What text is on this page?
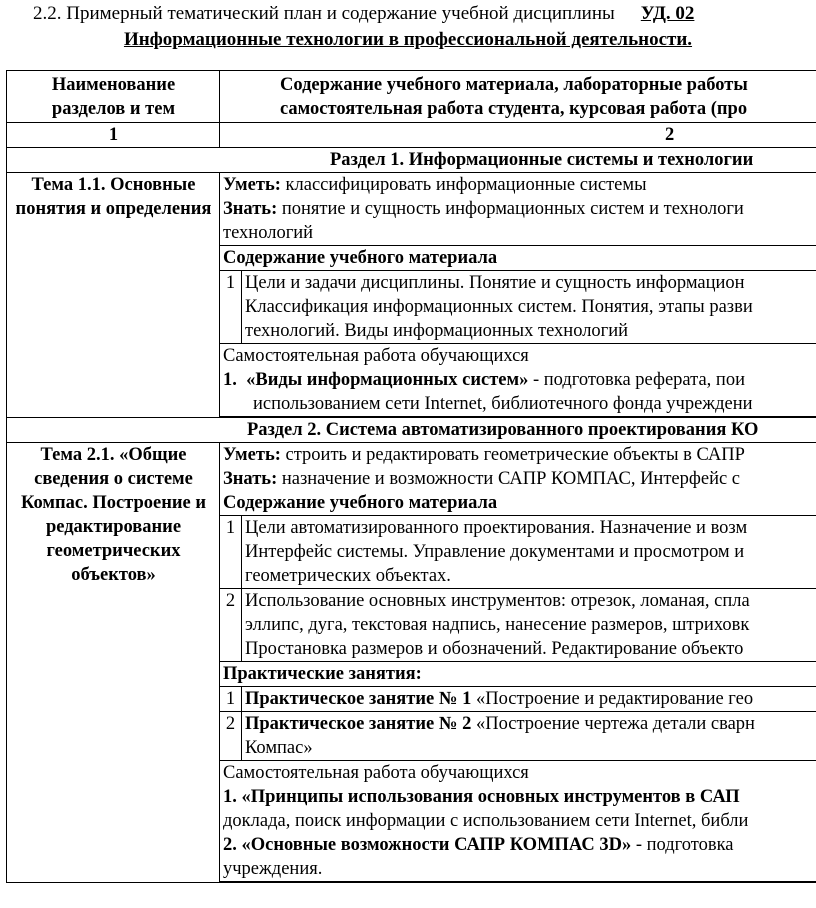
2.2. Примерный тематический план и содержание учебной дисциплины УД. 02
Информационные технологии в профессиональной деятельности.
Наименование
разделов и тем	Содержание учебного материала, лабораторные работы
самостоятельная работа студента, курсовая работа (про	

1	2	
Раздел 1. Информационные системы и технологии		
Тема 1.1. Основные понятия и определения	Уметь: классифицировать информационные системы
Знать: понятие и сущность информационных систем и технологи
технологий	

	Содержание учебного материала	
	1	Цели и задачи дисциплины. Понятие и сущность информацион
Классификация информационных систем. Понятия, этапы разви
технологий. Виды информационных технологий

	Самостоятельная работа обучающихся
1. «Виды информационных систем» - подготовка реферата, пои
использованием сети Internet, библиотечного фонда учреждени	

Раздел 2. Система автоматизированного проектирования КО		
Тема 2.1. «Общие сведения о системе Компас. Построение и редактирование геометрических объектов»	Уметь: строить и редактировать геометрические объекты в САПР
Знать: назначение и возможности САПР КОМПАС, Интерфейс с
Содержание учебного материала	

	1	Цели автоматизированного проектирования. Назначение и возм
Интерфейс системы. Управление документами и просмотром и
геометрических объектах.

	2	Использование основных инструментов: отрезок, ломаная, спла
эллипс, дуга, текстовая надпись, нанесение размеров, штриховк
Простановка размеров и обозначений. Редактирование объекто

	Практические занятия:	
	1	Практическое занятие № 1 «Построение и редактирование гео
	2	Практическое занятие № 2 «Построение чертежа детали сварн
Компас»

	Самостоятельная работа обучающихся
1. «Принципы использования основных инструментов в САП
доклада, поиск информации с использованием сети Internet, библи
2. «Основные возможности САПР КОМПАС 3D» - подготовка
учреждения.	
